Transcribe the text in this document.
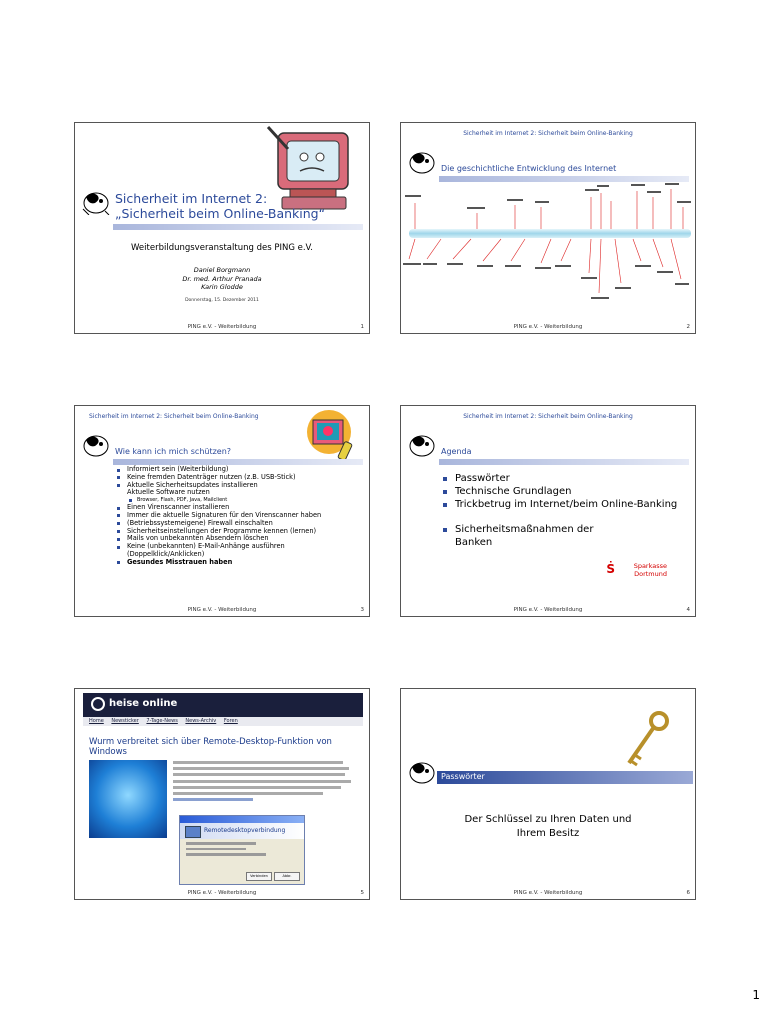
Sicherheit im Internet 2:
„Sicherheit beim Online-Banking“
Weiterbildungsveranstaltung des PING e.V.
Daniel Borgmann
Dr. med. Arthur Pranada
Karin Glodde
Donnerstag, 15. Dezember 2011
PING e.V. - Weiterbildung	1
Sicherheit im Internet 2: Sicherheit beim Online-Banking
Die geschichtliche Entwicklung des Internet
PING e.V. - Weiterbildung	2
Sicherheit im Internet 2: Sicherheit beim Online-Banking
Wie kann ich mich schützen?
Informiert sein (Weiterbildung)
Keine fremden Datenträger nutzen (z.B. USB-Stick)
Aktuelle Sicherheitsupdates installieren
Aktuelle Software nutzen
Browser, Flash, PDF, Java, Mailclient
Einen Virenscanner installieren
Immer die aktuelle Signaturen für den Virenscanner haben
(Betriebssystemeigene) Firewall einschalten
Sicherheitseinstellungen der Programme kennen (lernen)
Mails von unbekannten Absendern löschen
Keine (unbekannten) E-Mail-Anhänge ausführen
(Doppelklick/Anklicken)
Gesundes Misstrauen haben
PING e.V. - Weiterbildung	3
Sicherheit im Internet 2: Sicherheit beim Online-Banking
Agenda
Passwörter
Technische Grundlagen
Trickbetrug im Internet/beim Online-Banking
Sicherheitsmaßnahmen der Banken
Ṡ	Sparkasse
Dortmund
PING e.V. - Weiterbildung	4
heise online
Home Newsticker 7-Tage-News News-Archiv Foren
Wurm verbreitet sich über Remote-Desktop-Funktion von Windows

Remotedesktopverbindung
Verbinden	Abbr.
PING e.V. - Weiterbildung	5
Passwörter
Der Schlüssel zu Ihren Daten und
Ihrem Besitz
PING e.V. - Weiterbildung	6
1
